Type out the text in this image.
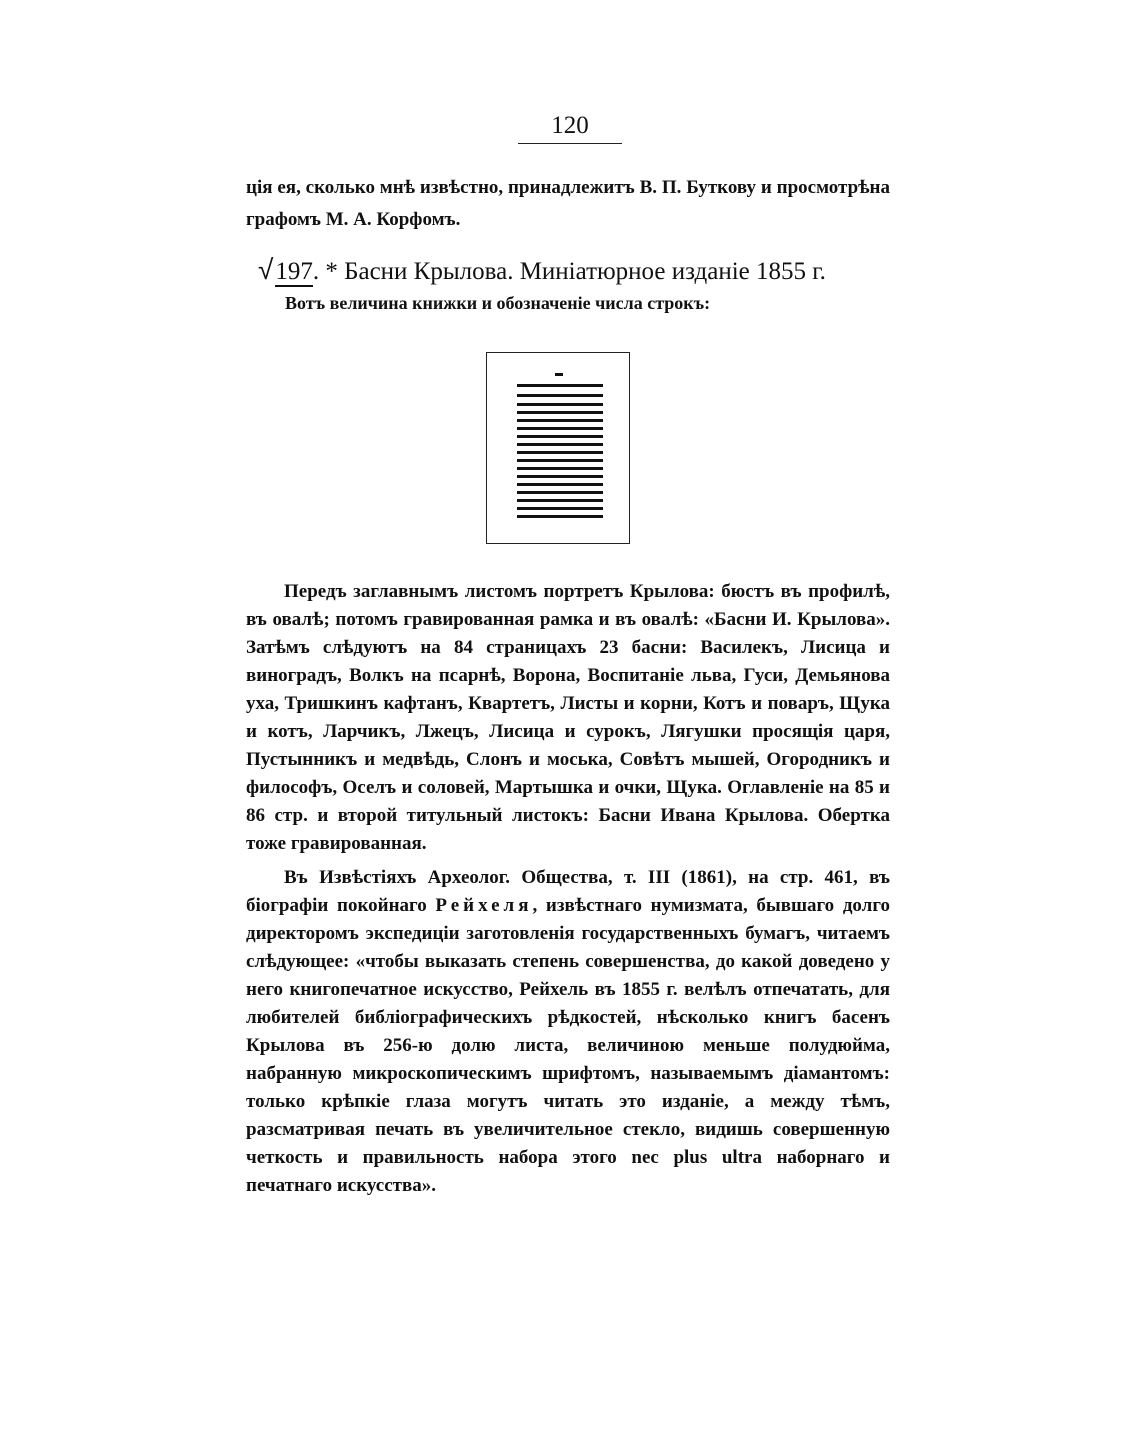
120
ція ея, сколько мнѣ извѣстно, принадлежитъ В. П. Буткову и просмотрѣна графомъ М. А. Корфомъ.
√197. * Басни Крылова. Миніатюрное изданіе 1855 г.
Вотъ величина книжки и обозначеніе числа строкъ:

Передъ заглавнымъ листомъ портретъ Крылова: бюстъ въ профилѣ, въ овалѣ; потомъ гравированная рамка и въ овалѣ: «Басни И. Крылова». Затѣмъ слѣдуютъ на 84 страницахъ 23 басни: Василекъ, Лисица и виноградъ, Волкъ на псарнѣ, Ворона, Воспитаніе льва, Гуси, Демьянова уха, Тришкинъ кафтанъ, Квартетъ, Листы и корни, Котъ и поваръ, Щука и котъ, Ларчикъ, Лжецъ, Лисица и сурокъ, Лягушки просящія царя, Пустынникъ и медвѣдь, Слонъ и моська, Совѣтъ мышей, Огородникъ и философъ, Оселъ и соловей, Мартышка и очки, Щука. Оглавленіе на 85 и 86 стр. и второй титульный листокъ: Басни Ивана Крылова. Обертка тоже гравированная.

Въ Извѣстіяхъ Археолог. Общества, т. III (1861), на стр. 461, въ біографіи покойнаго Рейхеля, извѣстнаго нумизмата, бывшаго долго директоромъ экспедиціи заготовленія государственныхъ бумагъ, читаемъ слѣдующее: «чтобы выказать степень совершенства, до какой доведено у него книгопечатное искусство, Рейхель въ 1855 г. велѣлъ отпечатать, для любителей библіографическихъ рѣдкостей, нѣсколько книгъ басенъ Крылова въ 256-ю долю листа, величиною меньше полудюйма, набранную микроскопическимъ шрифтомъ, называемымъ діамантомъ: только крѣпкіе глаза могутъ читать это изданіе, а между тѣмъ, разсматривая печать въ увеличительное стекло, видишь совершенную четкость и правильность набора этого nec plus ultra наборнаго и печатнаго искусства».
